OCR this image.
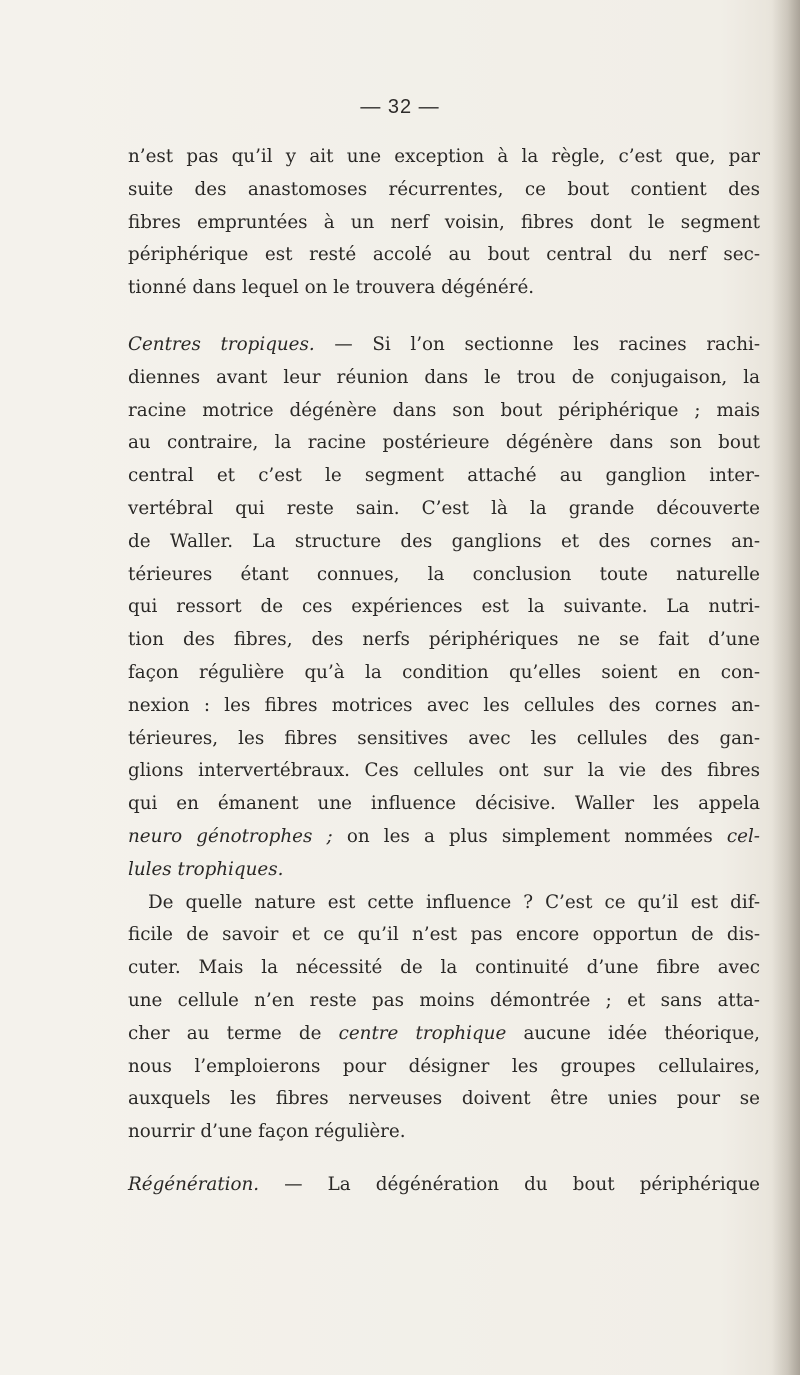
— 32 —
n’est pas qu’il y ait une exception à la règle, c’est que, par
suite des anastomoses récurrentes, ce bout contient des
fibres empruntées à un nerf voisin, fibres dont le segment
périphérique est resté accolé au bout central du nerf sec-
tionné dans lequel on le trouvera dégénéré.
Centres tropiques. — Si l’on sectionne les racines rachi-
diennes avant leur réunion dans le trou de conjugaison, la
racine motrice dégénère dans son bout périphérique ; mais
au contraire, la racine postérieure dégénère dans son bout
central et c’est le segment attaché au ganglion inter-
vertébral qui reste sain. C’est là la grande découverte
de Waller. La structure des ganglions et des cornes an-
térieures étant connues, la conclusion toute naturelle
qui ressort de ces expériences est la suivante. La nutri-
tion des fibres, des nerfs périphériques ne se fait d’une
façon régulière qu’à la condition qu’elles soient en con-
nexion : les fibres motrices avec les cellules des cornes an-
térieures, les fibres sensitives avec les cellules des gan-
glions intervertébraux. Ces cellules ont sur la vie des fibres
qui en émanent une influence décisive. Waller les appela
neuro génotrophes ; on les a plus simplement nommées cel-
lules trophiques.
De quelle nature est cette influence ? C’est ce qu’il est dif-
ficile de savoir et ce qu’il n’est pas encore opportun de dis-
cuter. Mais la nécessité de la continuité d’une fibre avec
une cellule n’en reste pas moins démontrée ; et sans atta-
cher au terme de centre trophique aucune idée théorique,
nous l’emploierons pour désigner les groupes cellulaires,
auxquels les fibres nerveuses doivent être unies pour se
nourrir d’une façon régulière.
Régénération. — La dégénération du bout périphérique
